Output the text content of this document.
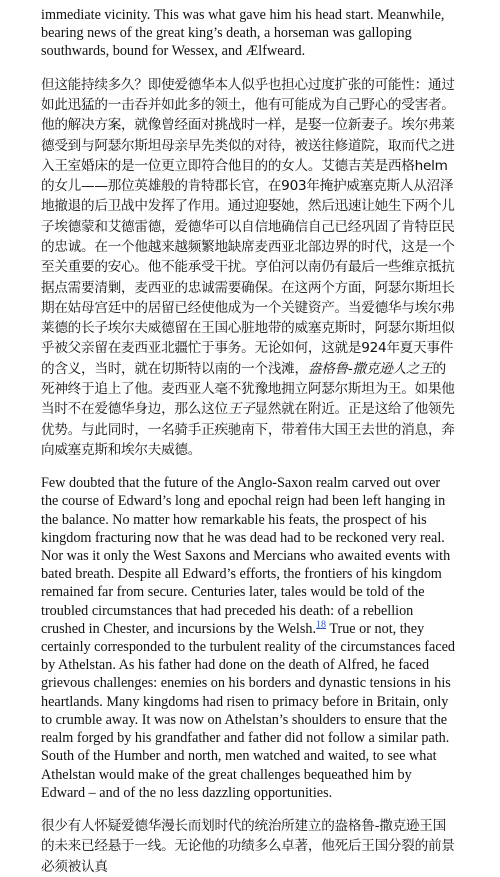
immediate vicinity. This was what gave him his head start. Meanwhile, bearing news of the great king’s death, a horseman was galloping southwards, bound for Wessex, and Ælfweard.

但这能持续多久？即使爱德华本人似乎也担心过度扩张的可能性：通过如此迅猛的一击吞并如此多的领土，他有可能成为自己野心的受害者。他的解决方案，就像曾经面对挑战时一样，是娶一位新妻子。埃尔弗莱德受到与阿瑟尔斯坦母亲早先类似的对待，被送往修道院，取而代之进入王室婚床的是一位更立即符合他目的的女人。艾德吉芙是西格helm的女儿——那位英雄般的肯特郡长官，在903年掩护威塞克斯人从沼泽地撤退的后卫战中发挥了作用。通过迎娶她，然后迅速让她生下两个儿子埃德蒙和艾德雷德，爱德华可以自信地确信自己已经巩固了肯特臣民的忠诚。在一个他越来越频繁地缺席麦西亚北部边界的时代，这是一个至关重要的安心。他不能承受干扰。亨伯河以南仍有最后一些维京抵抗据点需要清剿，麦西亚的忠诚需要确保。在这两个方面，阿瑟尔斯坦长期在姑母宫廷中的居留已经使他成为一个关键资产。当爱德华与埃尔弗莱德的长子埃尔夫威德留在王国心脏地带的威塞克斯时，阿瑟尔斯坦似乎被父亲留在麦西亚北疆忙于事务。无论如何，这就是924年夏天事件的含义，当时，就在切斯特以南的一个浅滩，盎格鲁-撒克逊人之王的死神终于追上了他。麦西亚人毫不犹豫地拥立阿瑟尔斯坦为王。如果他当时不在爱德华身边，那么这位王子显然就在附近。正是这给了他领先优势。与此同时，一名骑手正疾驰南下，带着伟大国王去世的消息，奔向威塞克斯和埃尔夫威德。

Few doubted that the future of the Anglo-Saxon realm carved out over the course of Edward’s long and epochal reign had been left hanging in the balance. No matter how remarkable his feats, the prospect of his kingdom fracturing now that he was dead had to be reckoned very real. Nor was it only the West Saxons and Mercians who awaited events with bated breath. Despite all Edward’s efforts, the frontiers of his kingdom remained far from secure. Centuries later, tales would be told of the troubled circumstances that had preceded his death: of a rebellion crushed in Chester, and incursions by the Welsh.$^{18}$ True or not, they certainly corresponded to the turbulent reality of the circumstances faced by Athelstan. As his father had done on the death of Alfred, he faced grievous challenges: enemies on his borders and dynastic tensions in his heartlands. Many kingdoms had risen to primacy before in Britain, only to crumble away. It was now on Athelstan’s shoulders to ensure that the realm forged by his grandfather and father did not follow a similar path. South of the Humber and north, men watched and waited, to see what Athelstan would make of the great challenges bequeathed him by Edward – and of the no less dazzling opportunities.

很少有人怀疑爱德华漫长而划时代的统治所建立的盎格鲁-撒克逊王国的未来已经悬于一线。无论他的功绩多么卓著，他死后王国分裂的前景必须被认真
